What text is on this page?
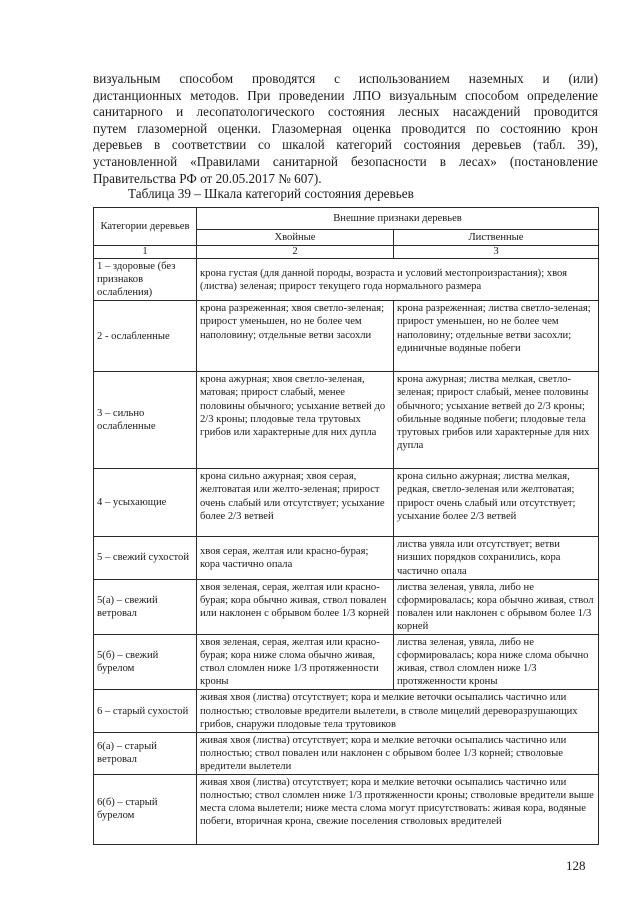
визуальным способом проводятся с использованием наземных и (или)
дистанционных методов. При проведении ЛПО визуальным способом определение
санитарного и лесопатологического состояния лесных насаждений проводится
путем глазомерной оценки. Глазомерная оценка проводится по состоянию крон
деревьев в соответствии со шкалой категорий состояния деревьев (табл. 39),
установленной «Правилами санитарной безопасности в лесах» (постановление
Правительства РФ от 20.05.2017 № 607).

Таблица 39 – Шкала категорий состояния деревьев

Категории деревьев	Внешние признаки деревьев	
	Хвойные	Лиственные
1	2	3
1 – здоровые (без признаков ослабления)	крона густая (для данной породы, возраста и условий местопроизрастания); хвоя (листва) зеленая; прирост текущего года нормального размера	
2 - ослабленные	крона разреженная; хвоя светло-зеленая; прирост уменьшен, но не более чем наполовину; отдельные ветви засохли	крона разреженная; листва светло-зеленая; прирост уменьшен, но не более чем наполовину; отдельные ветви засохли; единичные водяные побеги
3 – сильно ослабленные	крона ажурная; хвоя светло-зеленая, матовая; прирост слабый, менее половины обычного; усыхание ветвей до 2/3 кроны; плодовые тела трутовых грибов или характерные для них дупла	крона ажурная; листва мелкая, светло-зеленая; прирост слабый, менее половины обычного; усыхание ветвей до 2/3 кроны; обильные водяные побеги; плодовые тела трутовых грибов или характерные для них дупла
4 – усыхающие	крона сильно ажурная; хвоя серая, желтоватая или желто-зеленая; прирост очень слабый или отсутствует; усыхание более 2/3 ветвей	крона сильно ажурная; листва мелкая, редкая, светло-зеленая или желтоватая; прирост очень слабый или отсутствует; усыхание более 2/3 ветвей
5 – свежий сухостой	хвоя серая, желтая или красно-бурая; кора частично опала	листва увяла или отсутствует; ветви низших порядков сохранились, кора частично опала
5(а) – свежий ветровал	хвоя зеленая, серая, желтая или красно-бурая; кора обычно живая, ствол повален или наклонен с обрывом более 1/3 корней	листва зеленая, увяла, либо не сформировалась; кора обычно живая, ствол повален или наклонен с обрывом более 1/3 корней
5(б) – свежий бурелом	хвоя зеленая, серая, желтая или красно-бурая; кора ниже слома обычно живая, ствол сломлен ниже 1/3 протяженности кроны	листва зеленая, увяла, либо не сформировалась; кора ниже слома обычно живая, ствол сломлен ниже 1/3 протяженности кроны
6 – старый сухостой	живая хвоя (листва) отсутствует; кора и мелкие веточки осыпались частично или полностью; стволовые вредители вылетели, в стволе мицелий дереворазрушающих грибов, снаружи плодовые тела трутовиков	
6(а) – старый ветровал	живая хвоя (листва) отсутствует; кора и мелкие веточки осыпались частично или полностью; ствол повален или наклонен с обрывом более 1/3 корней; стволовые вредители вылетели	
6(б) – старый бурелом	живая хвоя (листва) отсутствует; кора и мелкие веточки осыпались частично или полностью; ствол сломлен ниже 1/3 протяженности кроны; стволовые вредители выше места слома вылетели; ниже места слома могут присутствовать: живая кора, водяные побеги, вторичная крона, свежие поселения стволовых вредителей	

128
